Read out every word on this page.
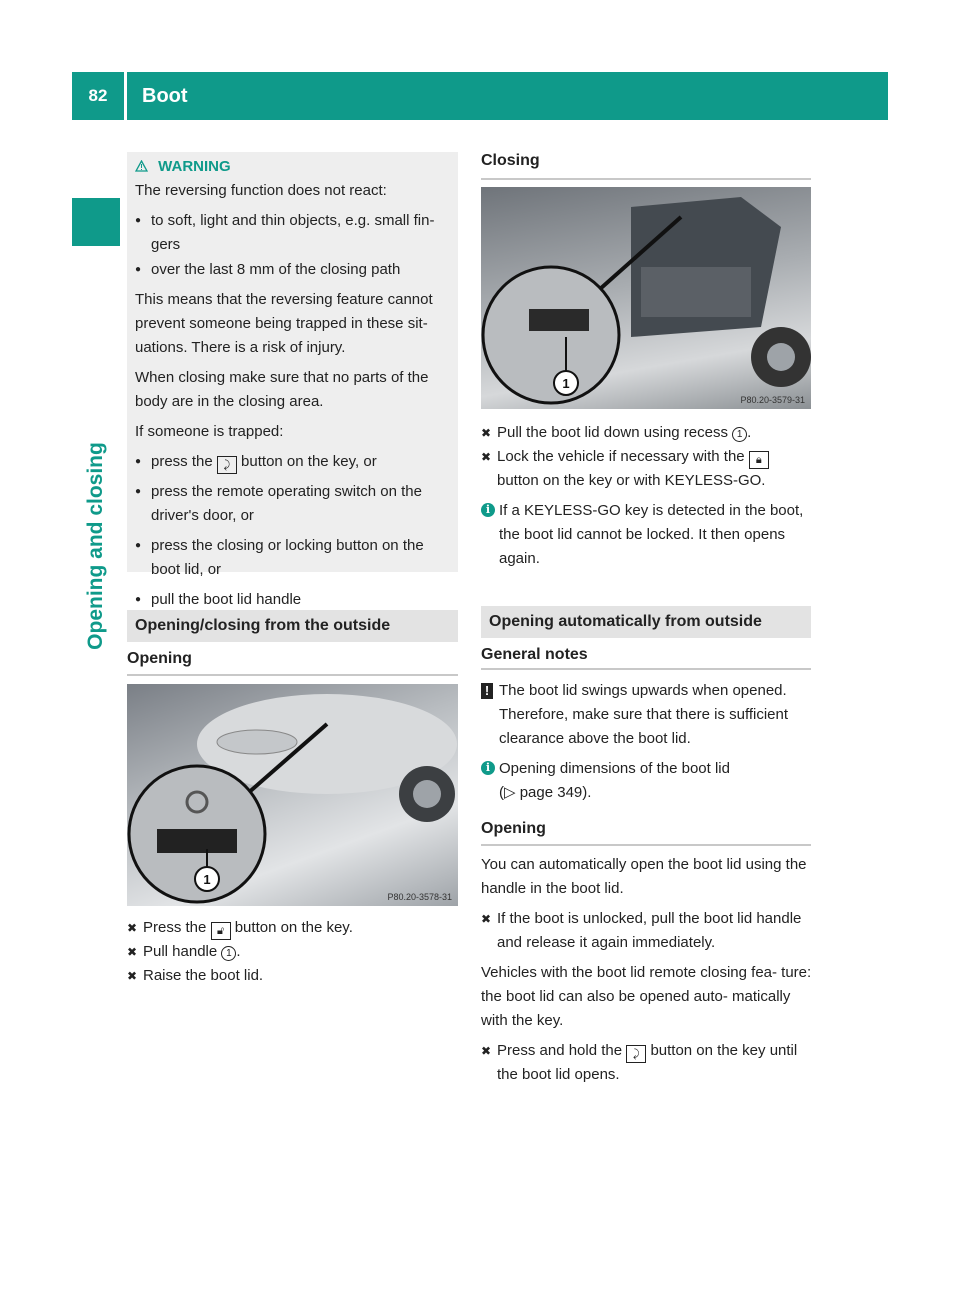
82	Boot
Opening and closing

WARNING

The reversing function does not react:

● to soft, light and thin objects, e.g. small fin- gers

● over the last 8 mm of the closing path

This means that the reversing feature cannot prevent someone being trapped in these sit- uations. There is a risk of injury.

When closing make sure that no parts of the body are in the closing area.

If someone is trapped:

● press the ⤸ button on the key, or

● press the remote operating switch on the driver's door, or

● press the closing or locking button on the boot lid, or

● pull the boot lid handle

Opening/closing from the outside
Opening
1
P80.20-3578-31

✖ Press the 🔓︎ button on the key.

✖ Pull handle 1 .

✖ Raise the boot lid.

Closing
1
P80.20-3579-31

✖ Pull the boot lid down using recess 1 .

✖ Lock the vehicle if necessary with the 🔒︎ button on the key or with KEYLESS-GO.

i If a KEYLESS-GO key is detected in the boot, the boot lid cannot be locked. It then opens again.

Opening automatically from outside
General notes

! The boot lid swings upwards when opened. Therefore, make sure that there is sufficient clearance above the boot lid.

i Opening dimensions of the boot lid

(▷ page 349).

Opening

You can automatically open the boot lid using the handle in the boot lid.

✖ If the boot is unlocked, pull the boot lid handle and release it again immediately.

Vehicles with the boot lid remote closing fea- ture: the boot lid can also be opened auto- matically with the key.

✖ Press and hold the ⤸ button on the key until the boot lid opens.
